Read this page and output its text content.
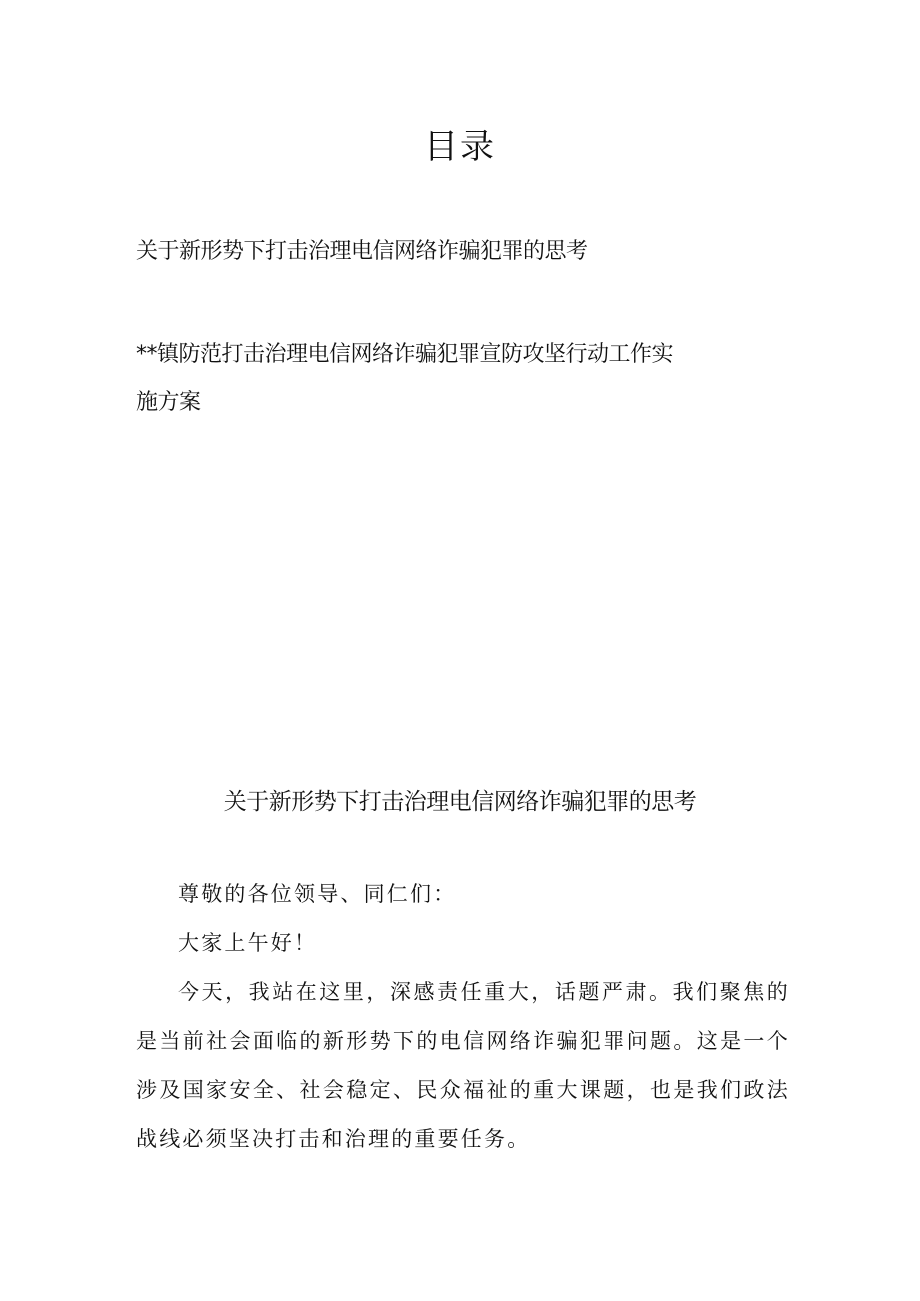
目录
关于新形势下打击治理电信网络诈骗犯罪的思考
**镇防范打击治理电信网络诈骗犯罪宣防攻坚行动工作实
施方案
关于新形势下打击治理电信网络诈骗犯罪的思考

尊敬的各位领导、同仁们：

大家上午好！

今天，我站在这里，深感责任重大，话题严肃。我们聚焦的是当前社会面临的新形势下的电信网络诈骗犯罪问题。这是一个涉及国家安全、社会稳定、民众福祉的重大课题，也是我们政法战线必须坚决打击和治理的重要任务。
